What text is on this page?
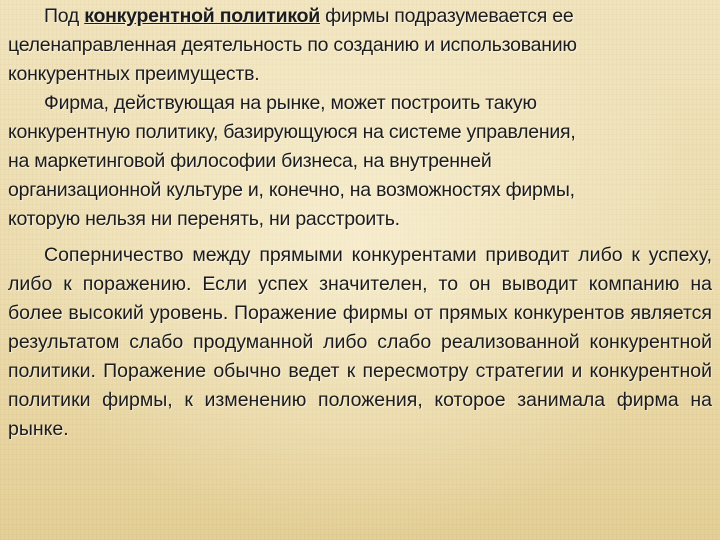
Под конкурентной политикой фирмы подразумевается ее
целенаправленная деятельность по созданию и использованию
конкурентных преимуществ.

Фирма, действующая на рынке, может построить такую
конкурентную политику, базирующуюся на системе управления,
на маркетинговой философии бизнеса, на внутренней
организационной культуре и, конечно, на возможностях фирмы,
которую нельзя ни перенять, ни расстроить.

Соперничество между прямыми конкурентами приводит либо к успеху, либо к поражению. Если успех значителен, то он выводит компанию на более высокий уровень. Поражение фирмы от прямых конкурентов является результатом слабо продуманной либо слабо реализованной конкурентной политики. Поражение обычно ведет к пересмотру стратегии и конкурентной политики фирмы, к изменению положения, которое занимала фирма на рынке.
